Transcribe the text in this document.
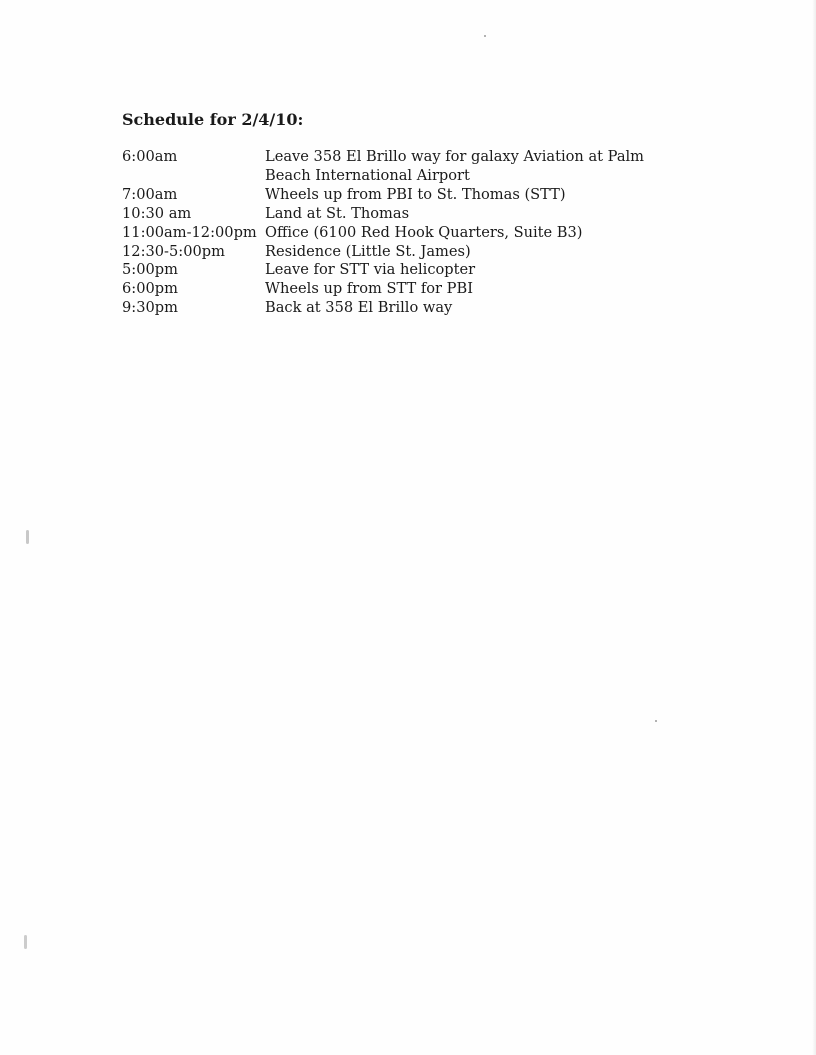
Schedule for 2/4/10:
6:00am	Leave 358 El Brillo way for galaxy Aviation at Palm Beach International Airport
7:00am	Wheels up from PBI to St. Thomas (STT)
10:30 am	Land at St. Thomas
11:00am-12:00pm Office (6100 Red Hook Quarters, Suite B3)
12:30-5:00pm	Residence (Little St. James)
5:00pm	Leave for STT via helicopter
6:00pm	Wheels up from STT for PBI
9:30pm	Back at 358 El Brillo way
